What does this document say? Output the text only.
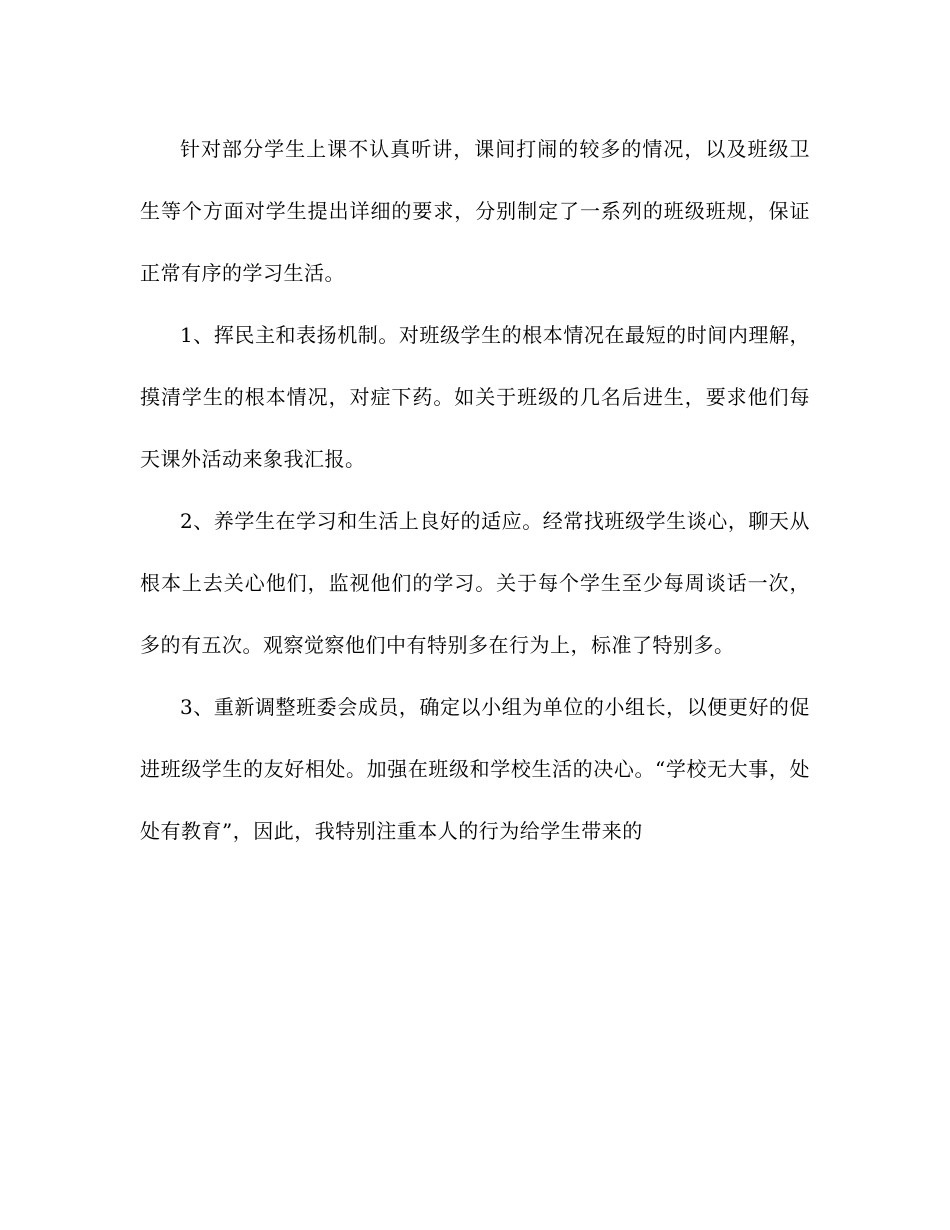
针对部分学生上课不认真听讲，课间打闹的较多的情况，以及班级卫生等个方面对学生提出详细的要求，分别制定了一系列的班级班规，保证正常有序的学习生活。

1、挥民主和表扬机制。对班级学生的根本情况在最短的时间内理解，摸清学生的根本情况，对症下药。如关于班级的几名后进生，要求他们每天课外活动来象我汇报。

2、养学生在学习和生活上良好的适应。经常找班级学生谈心，聊天从根本上去关心他们，监视他们的学习。关于每个学生至少每周谈话一次，多的有五次。观察觉察他们中有特别多在行为上，标准了特别多。

3、重新调整班委会成员，确定以小组为单位的小组长，以便更好的促进班级学生的友好相处。加强在班级和学校生活的决心。“学校无大事，处处有教育”，因此，我特别注重本人的行为给学生带来的
